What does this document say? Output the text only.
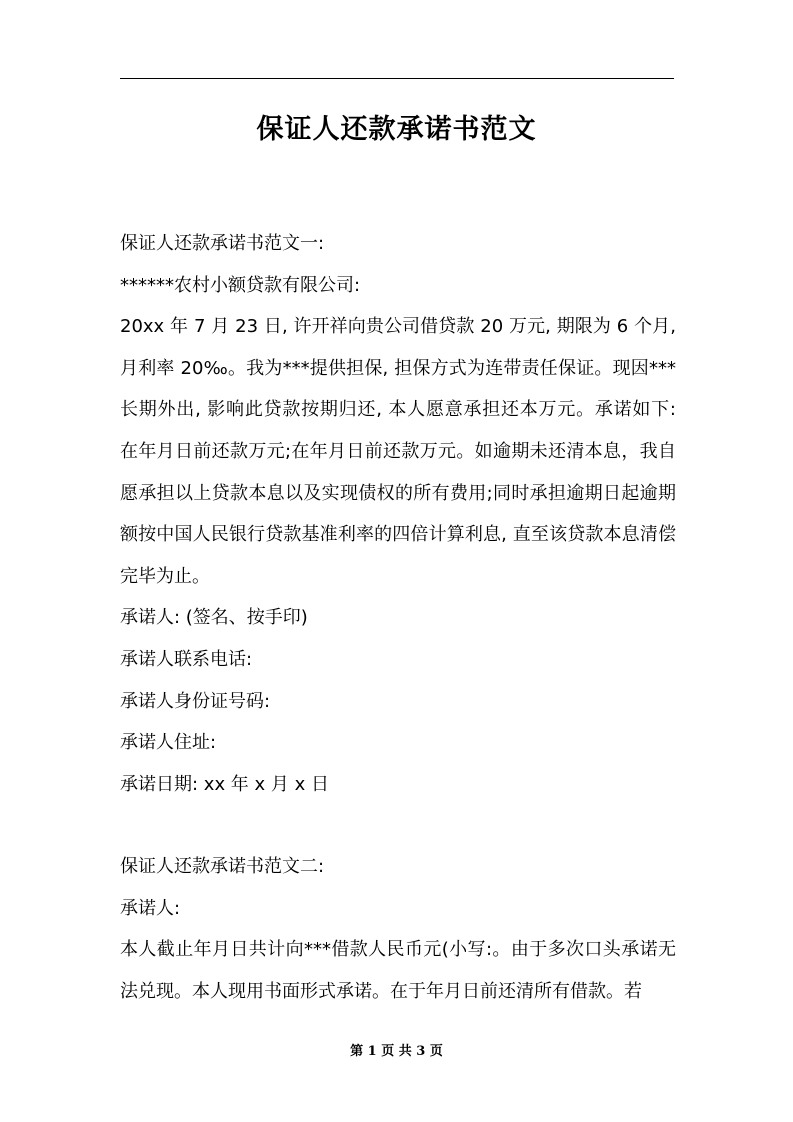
保证人还款承诺书范文

保证人还款承诺书范文一:

******农村小额贷款有限公司:

20xx 年 7 月 23 日, 许开祥向贵公司借贷款 20 万元, 期限为 6 个月, 月利率 20‰。我为***提供担保, 担保方式为连带责任保证。现因***长期外出, 影响此贷款按期归还, 本人愿意承担还本万元。承诺如下: 在年月日前还款万元;在年月日前还款万元。如逾期未还清本息，我自愿承担以上贷款本息以及实现债权的所有费用;同时承担逾期日起逾期额按中国人民银行贷款基准利率的四倍计算利息, 直至该贷款本息清偿完毕为止。

承诺人: (签名、按手印)

承诺人联系电话:

承诺人身份证号码:

承诺人住址:

承诺日期: xx 年 x 月 x 日

保证人还款承诺书范文二:

承诺人:

本人截止年月日共计向***借款人民币元(小写:。由于多次口头承诺无法兑现。本人现用书面形式承诺。在于年月日前还清所有借款。若

第 1 页 共 3 页
